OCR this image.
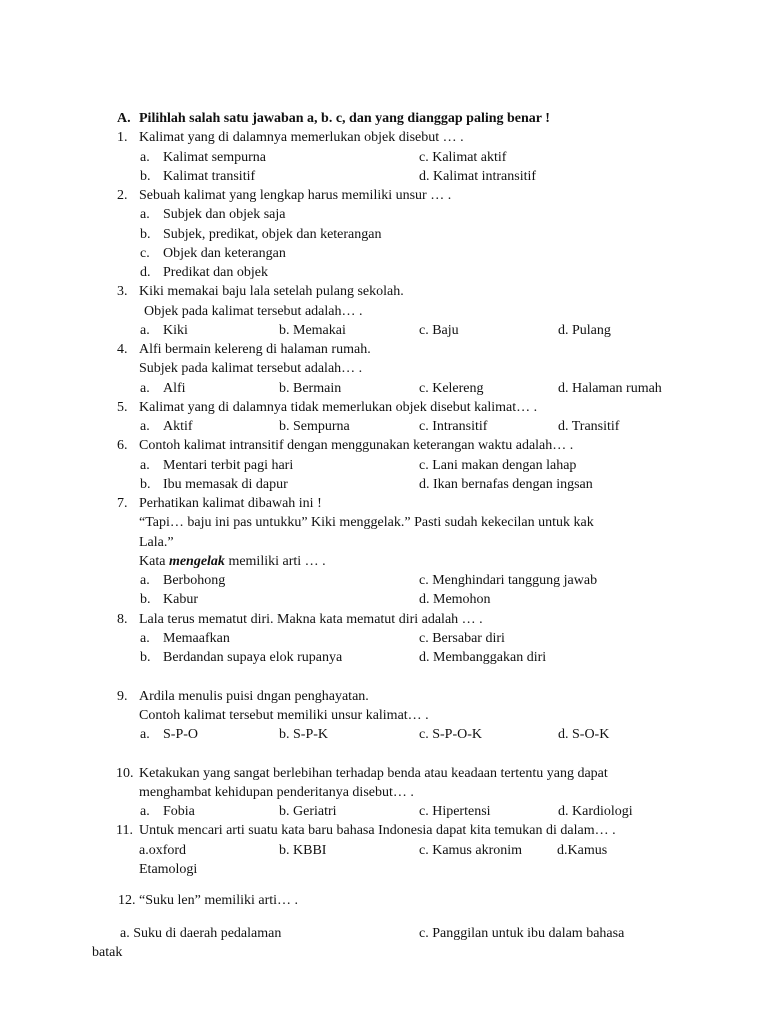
A. Pilihlah salah satu jawaban a, b. c, dan yang dianggap paling benar !
1. Kalimat yang di dalamnya memerlukan objek disebut … .
a. Kalimat sempurna	c. Kalimat aktif
b. Kalimat transitif	d. Kalimat intransitif
2. Sebuah kalimat yang lengkap harus memiliki unsur … .
a. Subjek dan objek saja
b. Subjek, predikat, objek dan keterangan
c. Objek dan keterangan
d. Predikat dan objek
3. Kiki memakai baju lala setelah pulang sekolah.
Objek pada kalimat tersebut adalah… .
a. Kiki	b. Memakai	c. Baju	d. Pulang
4. Alfi bermain kelereng di halaman rumah.
Subjek pada kalimat tersebut adalah… .
a. Alfi	b. Bermain	c. Kelereng	d. Halaman rumah
5. Kalimat yang di dalamnya tidak memerlukan objek disebut kalimat… .
a. Aktif	b. Sempurna	c. Intransitif	d. Transitif
6. Contoh kalimat intransitif dengan menggunakan keterangan waktu adalah… .
a. Mentari terbit pagi hari	c. Lani makan dengan lahap
b. Ibu memasak di dapur	d. Ikan bernafas dengan ingsan
7. Perhatikan kalimat dibawah ini !
“Tapi… baju ini pas untukku” Kiki menggelak.” Pasti sudah kekecilan untuk kak
Lala.”
Kata mengelak memiliki arti … .
a. Berbohong	c. Menghindari tanggung jawab
b. Kabur	d. Memohon
8. Lala terus mematut diri. Makna kata mematut diri adalah … .
a. Memaafkan	c. Bersabar diri
b. Berdandan supaya elok rupanya	d. Membanggakan diri
9. Ardila menulis puisi dngan penghayatan.
Contoh kalimat tersebut memiliki unsur kalimat… .
a. S-P-O	b. S-P-K	c. S-P-O-K	d. S-O-K
10. Ketakukan yang sangat berlebihan terhadap benda atau keadaan tertentu yang dapat
menghambat kehidupan penderitanya disebut… .
a. Fobia	b. Geriatri	c. Hipertensi	d. Kardiologi
11. Untuk mencari arti suatu kata baru bahasa Indonesia dapat kita temukan di dalam… .
a.oxford	b. KBBI	c. Kamus akronim d.Kamus
Etamologi
12. “Suku len” memiliki arti… .
a. Suku di daerah pedalaman	c. Panggilan untuk ibu dalam bahasa
batak
